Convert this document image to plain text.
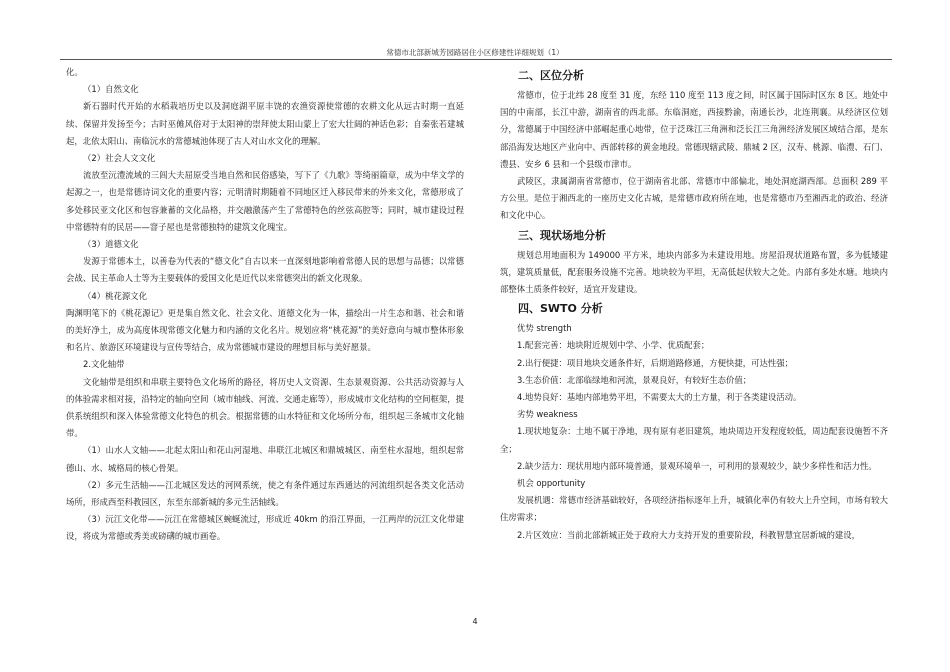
常德市北部新城芳园路居住小区修建性详细规划（1）

化。

（1）自然文化

新石器时代开始的水稻栽培历史以及洞庭湖平原丰饶的农渔资源使常德的农耕文化从远古时期一直延续、保留并发扬至今；古时巫傩风俗对于太阳神的崇拜使太阳山蒙上了宏大壮阔的神话色彩；自秦张若建城起，北依太阳山、南临沅水的常德城池体现了古人对山水文化的理解。

（2）社会人文文化

流放至沅澧流域的三闾大夫屈原受当地自然和民俗感染，写下了《九歌》等绮丽篇章，成为中华文学的起源之一，也是常德诗词文化的重要内容；元明清时期随着不同地区迁入移民带来的外来文化，常德形成了多处移民亚文化区和包容兼蓄的文化品格，并交融激荡产生了常德特色的丝弦高腔等；同时，城市建设过程中常德特有的民居——窨子屋也是常德独特的建筑文化瑰宝。

（3）道德文化

发源于常德本土，以善卷为代表的“德文化”自古以来一直深刻地影响着常德人民的思想与品德；以常德会战、民主革命人士等为主要载体的爱国文化是近代以来常德突出的新文化现象。

（4）桃花源文化

陶渊明笔下的《桃花源记》更是集自然文化、社会文化、道德文化为一体，描绘出一片生态和谐、社会和谐的美好净土，成为高度体现常德文化魅力和内涵的文化名片。规划应将“桃花源”的美好意向与城市整体形象和名片、旅游区环境建设与宣传等结合，成为常德城市建设的理想目标与美好愿景。

2.文化轴带

文化轴带是组织和串联主要特色文化场所的路径，将历史人文资源、生态景观资源、公共活动资源与人的体验需求相对接，沿特定的轴向空间（城市轴线、河流、交通走廊等），形成城市文化结构的空间框架，提供系统组织和深入体验常德文化特色的机会。根据常德的山水特征和文化场所分布，组织起三条城市文化轴带。

（1）山水人文轴——北起太阳山和花山河湿地、串联江北城区和鼎城城区、南至柱水湿地，组织起常德山、水、城格局的核心骨架。

（2）多元生活轴——江北城区发达的河网系统，使之有条件通过东西通达的河流组织起各类文化活动场所，形成西至科教园区，东至东部新城的多元生活轴线。

（3）沅江文化带——沅江在常德城区蜿蜒流过，形成近 40km 的沿江界面，一江两岸的沅江文化带建设，将成为常德或秀美或磅礴的城市画卷。

二、区位分析

常德市，位于北纬 28 度至 31 度，东经 110 度至 113 度之间，时区属于国际时区东 8 区。地处中国的中南部，长江中游，湖南省的西北部。东临洞庭，西接黔渝，南通长沙，北连荆襄。从经济区位划分，常德属于中国经济中部崛起重心地带，位于泛珠江三角洲和泛长江三角洲经济发展区域结合部，是东部沿海发达地区产业向中、西部转移的黄金地段。常德现辖武陵、鼎城 2 区，汉寿、桃源、临澧、石门、澧县、安乡 6 县和一个县级市津市。

武陵区，隶属湖南省常德市，位于湖南省北部、常德市中部偏北，地处洞庭湖西部。总面积 289 平方公里。是位于湘西北的一座历史文化古城，是常德市政府所在地，也是常德市乃至湘西北的政治、经济和文化中心。

三、现状场地分析

规划总用地面积为 149000 平方米，地块内部多为未建设用地。房屋沿现状道路布置，多为低矮建筑，建筑质量低，配套服务设施不完善。地块较为平坦，无高低起伏较大之处。内部有多处水塘。地块内部整体土质条件较好，适宜开发建设。

四、SWTO 分析

优势 strength

1.配套完善：地块附近规划中学、小学、优质配套；

2.出行便捷：项目地块交通条件好，后期道路修通，方便快捷，可达性强；

3.生态价值：北部临绿地和河流，景观良好，有较好生态价值；

4.地势良好：基地内部地势平坦，不需要太大的土方量，利于各类建设活动。

劣势 weakness

1.现状地复杂：土地不属于净地，现有原有老旧建筑，地块周边开发程度较低，周边配套设施暂不齐全；

2.缺少活力：现状用地内部环境普通，景观环境单一，可利用的景观较少，缺少多样性和活力性。

机会 opportunity

发展机遇：常德市经济基础较好，各项经济指标逐年上升，城镇化率仍有较大上升空间，市场有较大住房需求；

2.片区效应：当前北部新城正处于政府大力支持开发的重要阶段，科教智慧宜居新城的建设，

4
